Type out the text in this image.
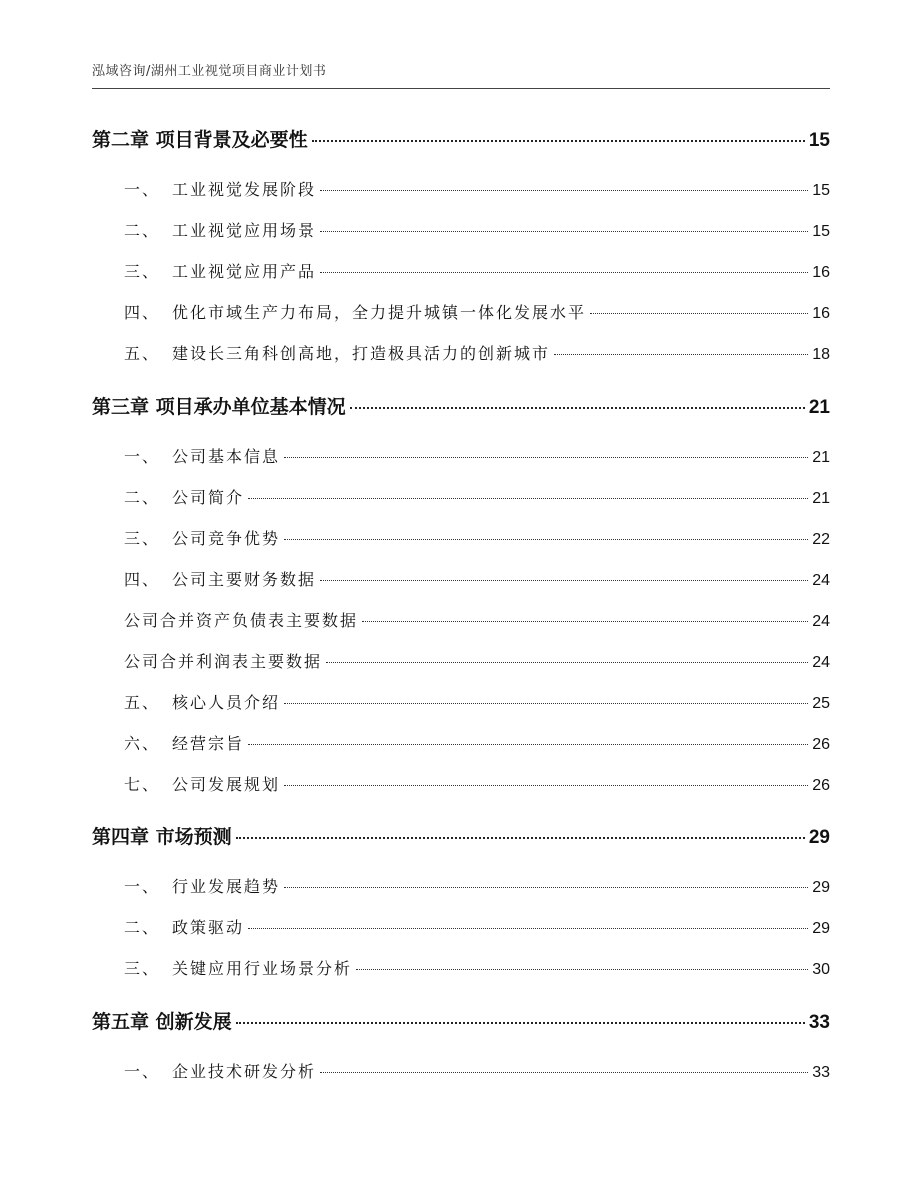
泓域咨询/湖州工业视觉项目商业计划书
第二章 项目背景及必要性	15
一、 工业视觉发展阶段	15
二、 工业视觉应用场景	15
三、 工业视觉应用产品	16
四、 优化市域生产力布局，全力提升城镇一体化发展水平	16
五、 建设长三角科创高地，打造极具活力的创新城市	18
第三章 项目承办单位基本情况	21
一、 公司基本信息	21
二、 公司简介	21
三、 公司竞争优势	22
四、 公司主要财务数据	24
公司合并资产负债表主要数据	24
公司合并利润表主要数据	24
五、 核心人员介绍	25
六、 经营宗旨	26
七、 公司发展规划	26
第四章 市场预测	29
一、 行业发展趋势	29
二、 政策驱动	29
三、 关键应用行业场景分析	30
第五章 创新发展	33
一、 企业技术研发分析	33
